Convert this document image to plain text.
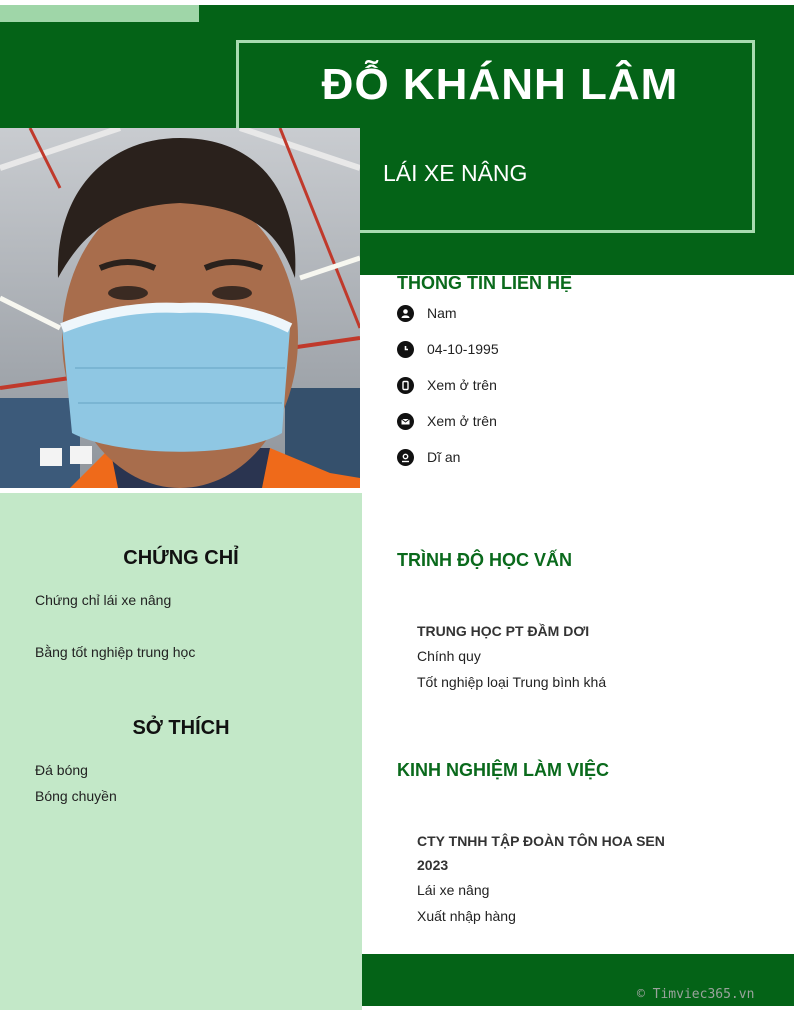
ĐỖ KHÁNH LÂM
LÁI XE NÂNG
THÔNG TIN LIÊN HỆ
Nam
04-10-1995
Xem ở trên
Xem ở trên
Dĩ an
CHỨNG CHỈ
Chứng chỉ lái xe nâng
Bằng tốt nghiệp trung học
SỞ THÍCH
Đá bóng
Bóng chuyền
TRÌNH ĐỘ HỌC VẤN
TRUNG HỌC PT ĐẦM DƠI
Chính quy
Tốt nghiệp loại Trung bình khá
KINH NGHIỆM LÀM VIỆC
CTY TNHH TẬP ĐOÀN TÔN HOA SEN
2023
Lái xe nâng
Xuất nhập hàng
© Timviec365.vn
